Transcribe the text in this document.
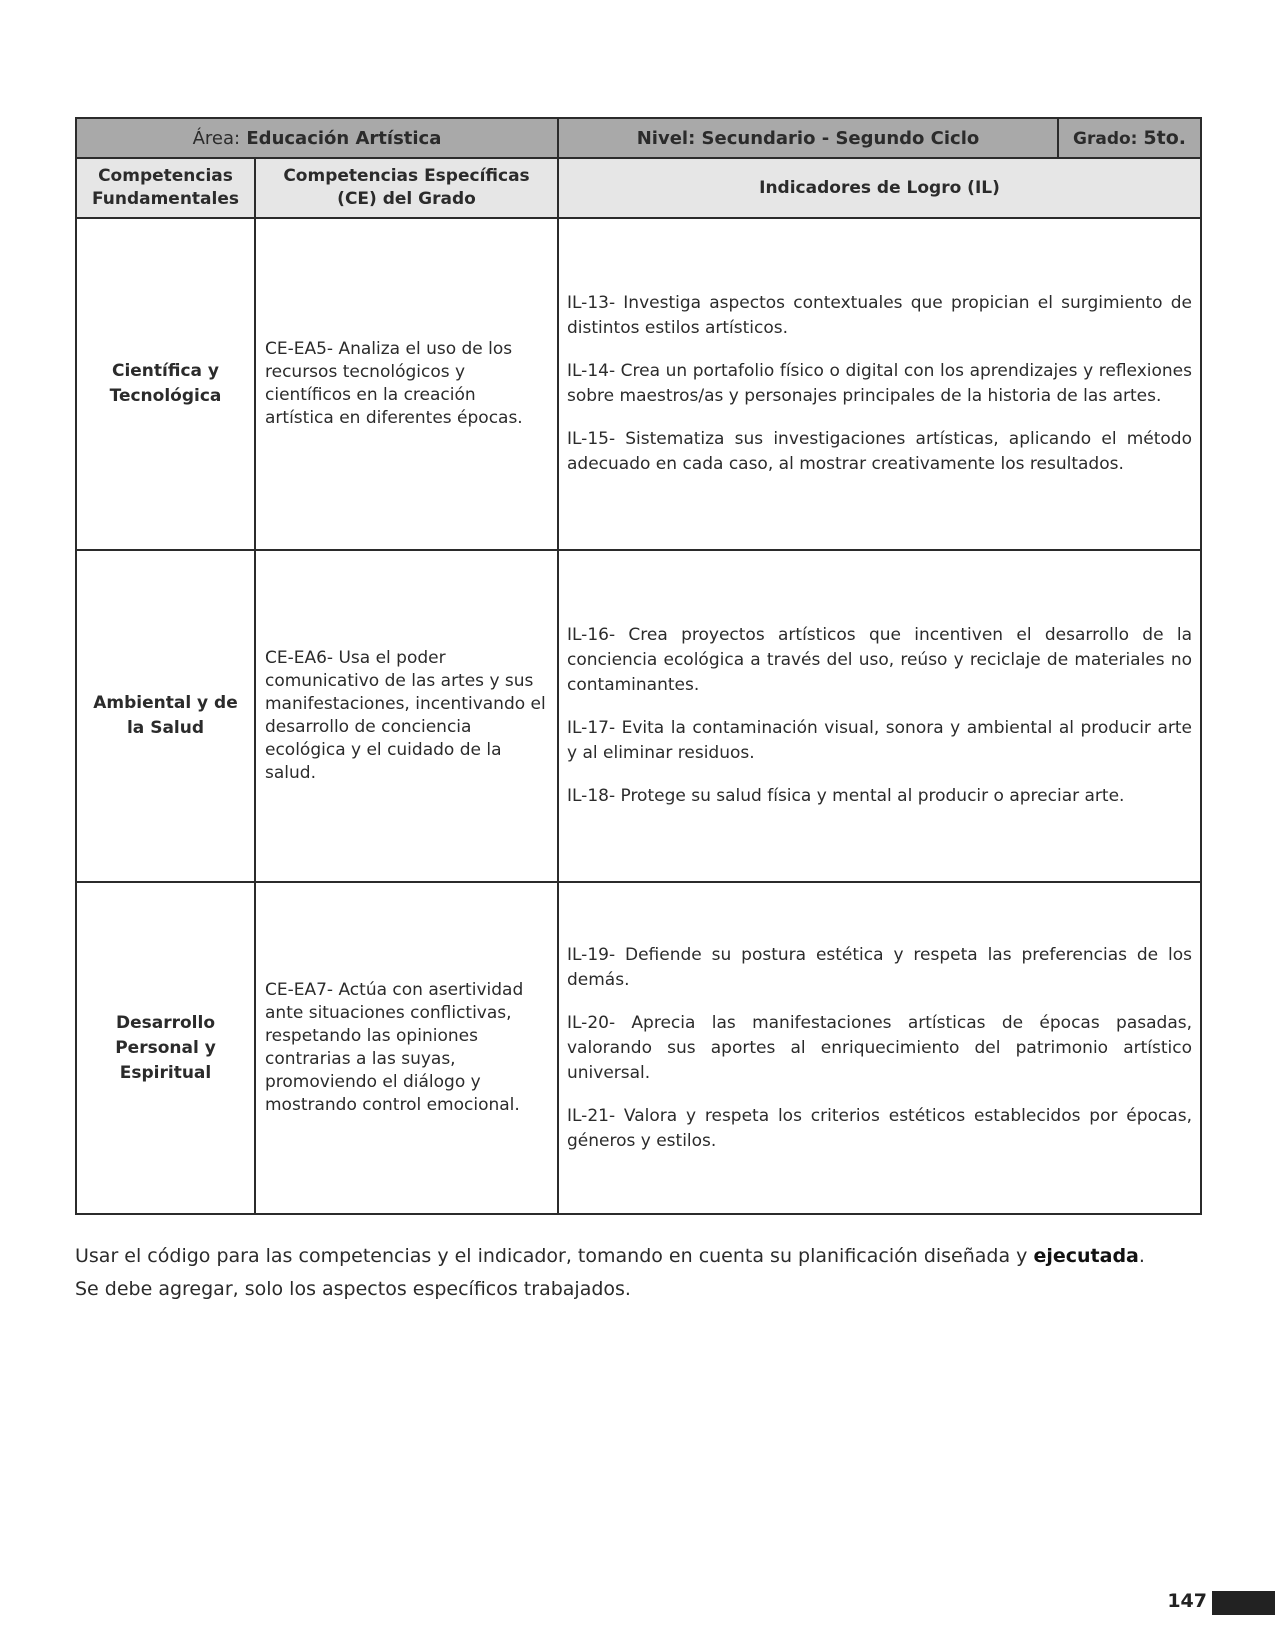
Área: Educación Artística		Nivel: Secundario - Segundo Ciclo	Grado: 5to.
Competencias Fundamentales	Competencias Específicas (CE) del Grado	Indicadores de Logro (IL)	
Científica y Tecnológica	CE-EA5- Analiza el uso de los recursos tecnológicos y científicos en la creación artística en diferentes épocas.	IL-13- Investiga aspectos contextuales que propician el surgimiento de distintos estilos artísticos.

IL-14- Crea un portafolio físico o digital con los aprendizajes y reflexiones sobre maestros/as y personajes principales de la historia de las artes.

IL-15- Sistematiza sus investigaciones artísticas, aplicando el método adecuado en cada caso, al mostrar creativamente los resultados.	

Ambiental y de la Salud	CE-EA6- Usa el poder comunicativo de las artes y sus manifestaciones, incentivando el desarrollo de conciencia ecológica y el cuidado de la salud.	IL-16- Crea proyectos artísticos que incentiven el desarrollo de la conciencia ecológica a través del uso, reúso y reciclaje de materiales no contaminantes.

IL-17- Evita la contaminación visual, sonora y ambiental al producir arte y al eliminar residuos.

IL-18- Protege su salud física y mental al producir o apreciar arte.	

Desarrollo Personal y Espiritual	CE-EA7- Actúa con asertividad ante situaciones conflictivas, respetando las opiniones contrarias a las suyas, promoviendo el diálogo y mostrando control emocional.	IL-19- Defiende su postura estética y respeta las preferencias de los demás.

IL-20- Aprecia las manifestaciones artísticas de épocas pasadas, valorando sus aportes al enriquecimiento del patrimonio artístico universal.

IL-21- Valora y respeta los criterios estéticos establecidos por épocas, géneros y estilos.	

Usar el código para las competencias y el indicador, tomando en cuenta su planificación diseñada y ejecutada.
Se debe agregar, solo los aspectos específicos trabajados.
147
